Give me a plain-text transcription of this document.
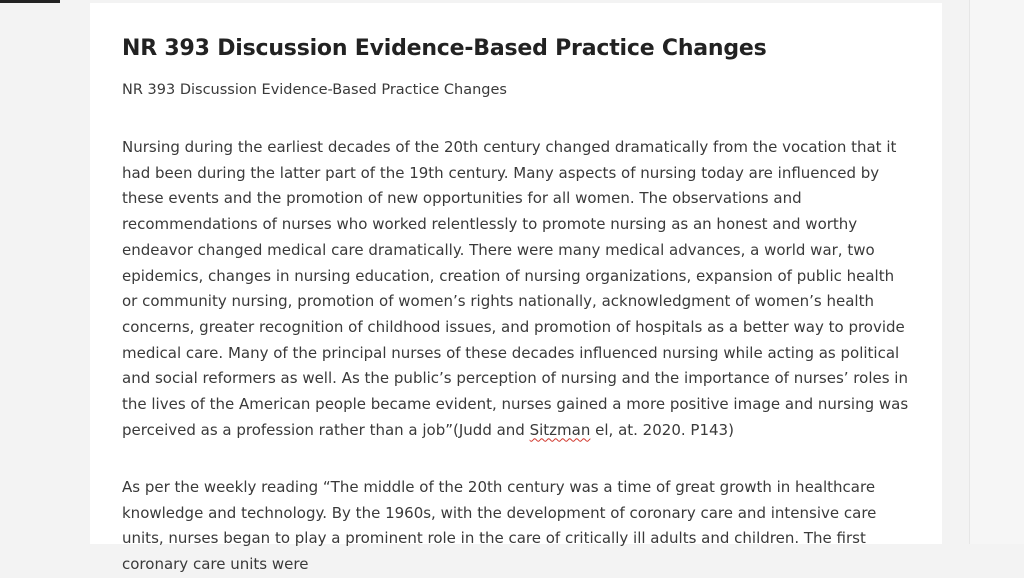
NR 393 Discussion Evidence-Based Practice Changes
NR 393 Discussion Evidence-Based Practice Changes

Nursing during the earliest decades of the 20th century changed dramatically from the vocation that it had been during the latter part of the 19th century. Many aspects of nursing today are influenced by these events and the promotion of new opportunities for all women. The observations and recommendations of nurses who worked relentlessly to promote nursing as an honest and worthy endeavor changed medical care dramatically. There were many medical advances, a world war, two epidemics, changes in nursing education, creation of nursing organizations, expansion of public health or community nursing, promotion of women’s rights nationally, acknowledgment of women’s health concerns, greater recognition of childhood issues, and promotion of hospitals as a better way to provide medical care. Many of the principal nurses of these decades influenced nursing while acting as political and social reformers as well. As the public’s perception of nursing and the importance of nurses’ roles in the lives of the American people became evident, nurses gained a more positive image and nursing was perceived as a profession rather than a job”(Judd and Sitzman el, at. 2020. P143)

As per the weekly reading “The middle of the 20th century was a time of great growth in healthcare knowledge and technology. By the 1960s, with the development of coronary care and intensive care units, nurses began to play a prominent role in the care of critically ill adults and children. The first coronary care units were
